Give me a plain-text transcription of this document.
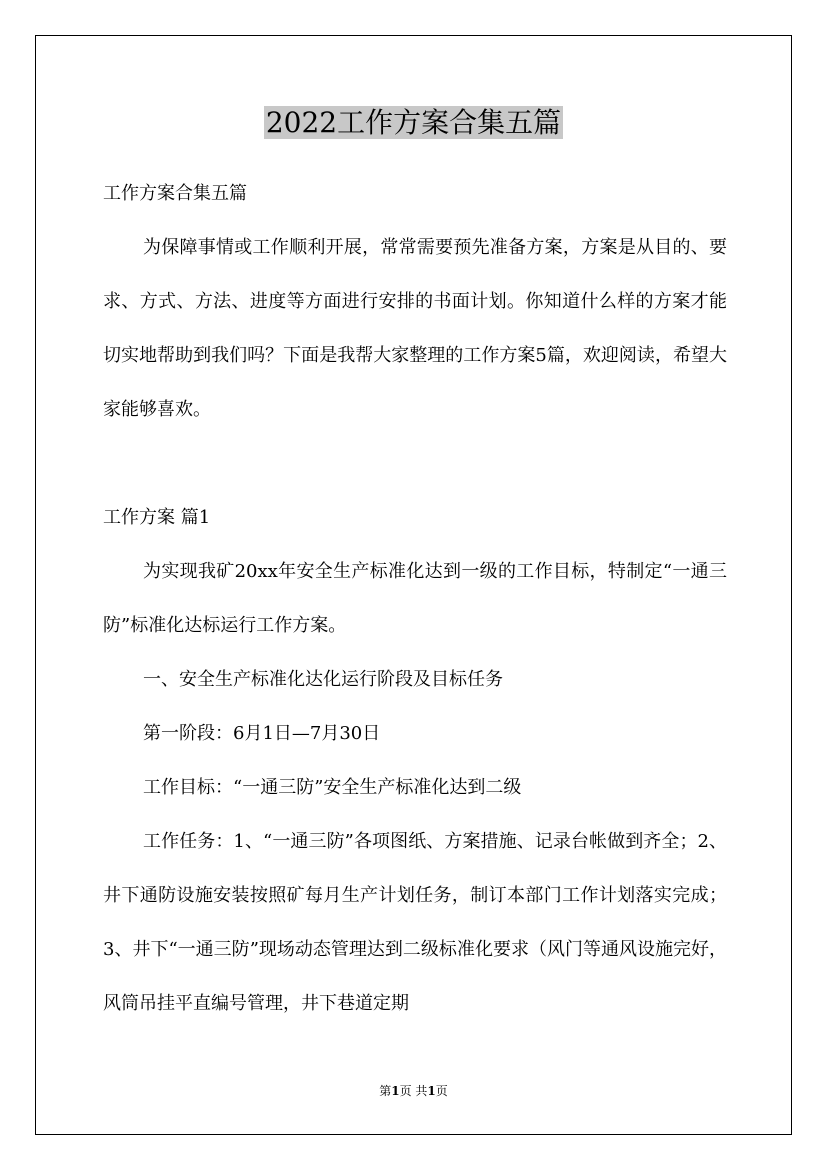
2022工作方案合集五篇

工作方案合集五篇

为保障事情或工作顺利开展，常常需要预先准备方案，方案是从目的、要求、方式、方法、进度等方面进行安排的书面计划。你知道什么样的方案才能切实地帮助到我们吗？下面是我帮大家整理的工作方案5篇，欢迎阅读，希望大家能够喜欢。

工作方案 篇1

为实现我矿20xx年安全生产标准化达到一级的工作目标，特制定“一通三防”标准化达标运行工作方案。

一、安全生产标准化达化运行阶段及目标任务

第一阶段：6月1日—7月30日

工作目标：“一通三防”安全生产标准化达到二级

工作任务：1、“一通三防”各项图纸、方案措施、记录台帐做到齐全；2、井下通防设施安装按照矿每月生产计划任务，制订本部门工作计划落实完成；3、井下“一通三防”现场动态管理达到二级标准化要求（风门等通风设施完好，风筒吊挂平直编号管理，井下巷道定期

第1页 共1页
